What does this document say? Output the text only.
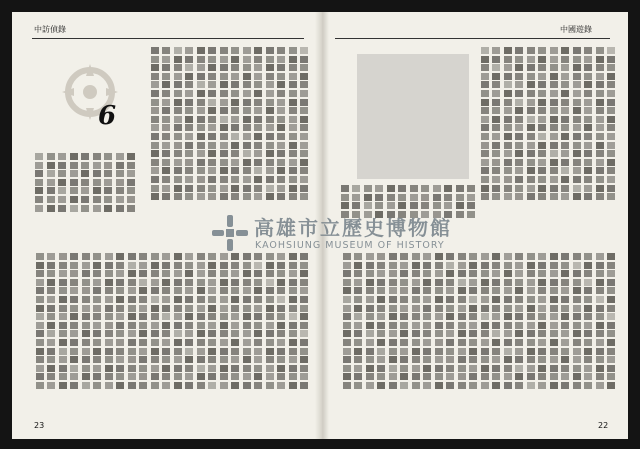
中訪偵錄
6
23
中國遊錄
22
高雄市立歷史博物館
KAOHSIUNG MUSEUM OF HISTORY
